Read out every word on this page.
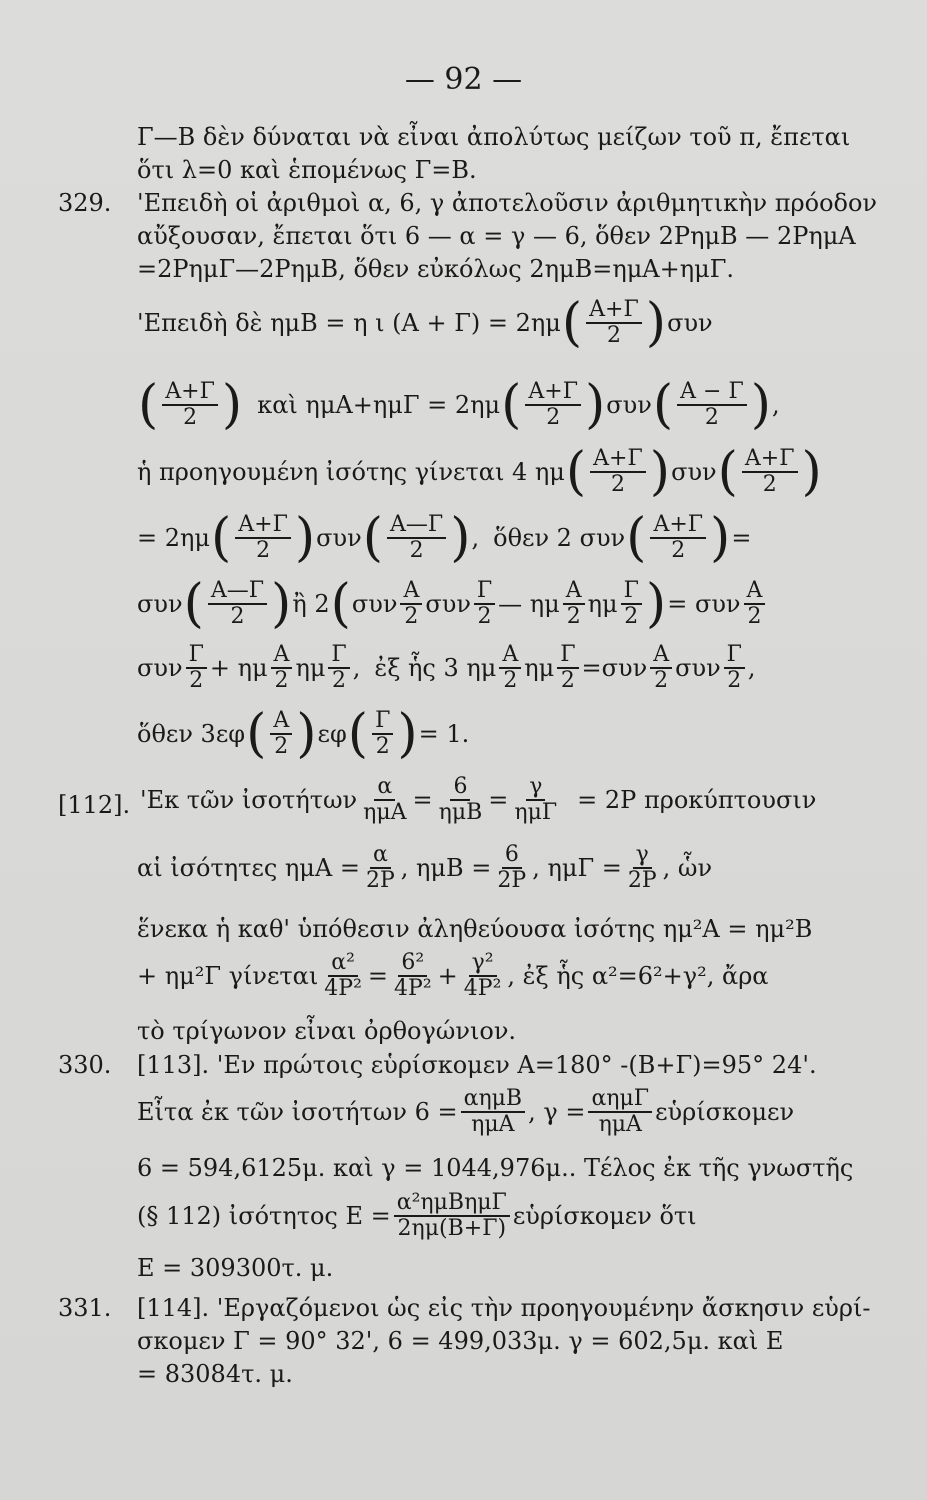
— 92 —
Γ—Β δὲν δύναται νὰ εἶναι ἀπολύτως μείζων τοῦ π, ἔπεται
ὅτι λ=0 καὶ ἑπομένως Γ=Β.
329. 'Επειδὴ οἱ ἀριθμοὶ α, 6, γ ἀποτελοῦσιν ἀριθμητικὴν πρόοδον
αὔξουσαν, ἔπεται ὅτι 6 — α = γ — 6, ὅθεν 2ΡημΒ — 2ΡημΑ
=2ΡημΓ—2ΡημΒ, ὅθεν εὐκόλως 2ημΒ=ημΑ+ημΓ.
'Επειδὴ δὲ ημΒ = η ι (Α + Γ) = 2ημ ( $\frac{A+\Gamma}{2}$ ) συν
( $\frac{A+\Gamma}{2}$ ) καὶ ημΑ+ημΓ = 2ημ ( $\frac{A+\Gamma}{2}$ ) συν ( $\frac{A - \Gamma}{2}$ ) ,
ἡ προηγουμένη ἰσότης γίνεται 4 ημ ( $\frac{A+\Gamma}{2}$ ) συν ( $\frac{A+\Gamma}{2}$ )
= 2ημ ( $\frac{A+\Gamma}{2}$ ) συν ( $\frac{A—\Gamma}{2}$ ) , ὅθεν 2 συν ( $\frac{A+\Gamma}{2}$ ) =
συν ( $\frac{A—\Gamma}{2}$ ) ἢ 2 ( συν $\frac{A}{2}$ συν $\frac{\Gamma}{2}$ — ημ $\frac{A}{2}$ ημ $\frac{\Gamma}{2}$ ) = συν $\frac{A}{2}$
συν $\frac{\Gamma}{2} + \eta\mu \frac{A}{2}$ ημ $\frac{\Gamma}{2}$ , ἐξ ἧς 3 ημ $\frac{A}{2}$ ημ $\frac{\Gamma}{2} =\sigma\upsilon\nu \frac{A}{2}$ συν $\frac{\Gamma}{2}$ ,
ὅθεν 3εφ ( $\frac{A}{2}$ ) εφ ( $\frac{\Gamma}{2}$ ) = 1.
[112]. 'Εκ τῶν ἰσοτήτων $\frac{\alpha}{\text{ημΑ}} = \frac{6}{\text{ημΒ}} = \frac{\gamma}{\text{ημΓ}} = 2P$ προκύπτουσιν
αἱ ἰσότητες $\eta\mu A = \frac{\alpha}{2P}$ , $\eta\mu B = \frac{6}{2P}$ , $\eta\mu\Gamma = \frac{\gamma}{2P}$ , ὧν
ἕνεκα ἡ καθ' ὑπόθεσιν ἀληθεύουσα ἰσότης ημ²Α = ημ²Β
+ ημ²Γ γίνεται $\frac{\text{α²}}{\text{4Ρ²}} = \frac{\text{6²}}{\text{4Ρ²}} + \frac{\text{γ²}}{\text{4Ρ²}}$ , ἐξ ἧς α²=6²+γ², ἄρα
τὸ τρίγωνον εἶναι ὀρθογώνιον.
330. [113]. 'Εν πρώτοις εὑρίσκομεν Α=180° -(Β+Γ)=95° 24'.
Εἶτα ἐκ τῶν ἰσοτήτων $6 = \frac{\text{αημΒ}}{\text{ημΑ}}$ , $\gamma = \frac{\text{αημΓ}}{\text{ημΑ}}$ εὑρίσκομεν
6 = 594,6125μ. καὶ γ = 1044,976μ.. Τέλος ἐκ τῆς γνωστῆς
(§ 112) ἰσότητος $E = \frac{\text{α²ημΒημΓ}}{2\eta\mu(B+\Gamma)}$ εὑρίσκομεν ὅτι
Ε = 309300τ. μ.
331. [114]. 'Εργαζόμενοι ὡς εἰς τὴν προηγουμένην ἄσκησιν εὑρί-
σκομεν Γ = 90° 32', 6 = 499,033μ. γ = 602,5μ. καὶ Ε
= 83084τ. μ.
